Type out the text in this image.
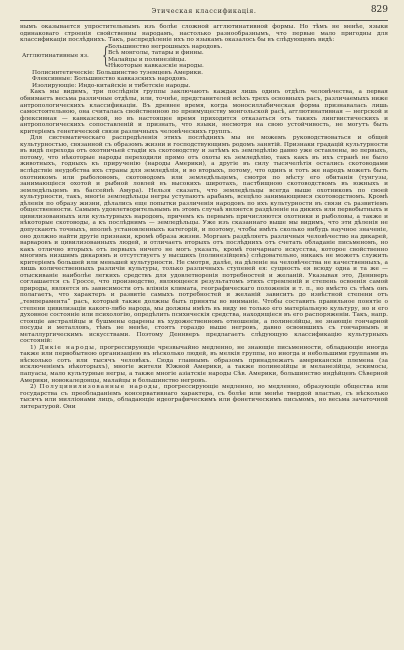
Этическая классификація.	829

нымъ оказывается упростительнымъ изъ болѣе сложной агглютинативной формы. Но тѣмъ не менѣе, языки одинаковаго строенія свойственны народамъ, настолько разнообразнымъ, что первые мало пригодны для классификаціи послѣднихъ. Такъ, распредѣленіе ихъ по языкамъ оказалось бы въ слѣдующемъ видѣ:

Агглютинативные яз. { Большинство негрошныхъ народовъ.
Всѣ монголы, татары и финны.
Малайцы и полинезійцы.
Нѣкоторые кавказскіе народы.

Полисинтетическіе: Большинство туземцевъ Америки.

Флексивные: Большинство кавказскихъ народовъ.

Изолирующіе: Индо-китайскіе и тибетскіе народы.

Какъ мы видимъ, три послѣднія группы заключаютъ каждая лишь одинъ отдѣлъ человѣчества, а первая обнимаетъ весьма различные отдѣлы, или, точнѣе, представителей всѣхъ трехъ основныхъ расъ, различаемыхъ ниже антропологическихъ классификаціи. Въ древнее время, когда моносиллабическая форма признавалась лишь самостоятельною, она считалась свойственною по преимуществу монгольской расѣ, агглютинативная — негрской и флексивная — кавказской, но въ настоящее время приходится отказаться отъ такихъ лингвистическихъ и антропологическихъ сопоставленій и признать, что языки, несмотря на свою устойчивость, не могутъ быть критеріемъ генетической связи различныхъ человѣческихъ группъ.

Для систематическаго распредѣленія этихъ послѣднихъ мы не можемъ руководствоваться и общей культурностью, связанной съ образомъ жизни и господствующимъ родомъ занятій. Признаки градацій культурности въ видѣ перехода отъ охотничьей стадіи къ скотоводству и затѣмъ къ земледѣлію давно уже оставлены, во первыхъ, потому, что нѣкоторые народы переходили прямо отъ охоты къ земледѣлію, такъ какъ въ ихъ странѣ не было животныхъ, годныхъ къ прирученію (народы Америки), а другіе въ силу тысячелѣтія остались скотоводами вслѣдствіе неудобства ихъ страны для земледѣлія, и во вторыхъ, потому, что одинъ и тотъ же народъ можетъ быть охотникомъ или рыболовомъ, скотоводомъ или земледѣльцемъ, смотря по мѣсту его обитанія (тунгузы, занимающіеся охотой и рыбной ловлей въ высокихъ широтахъ, пастбищною скотоводствомъ въ южныхъ и земледѣльцемъ въ бассейнѣ Амура). Нельзя сказать, что земледѣльцы всегда выше охотниковъ по своей культурности, такъ, многіе земледѣльцы негры уступаютъ арабамъ, всецѣло занимающимся скотоводствомъ. Кромѣ дѣленія по образу жизни, дѣлались еще попытки различенія народовъ по ихъ культурности въ связи съ развитіемъ общественности. Самымъ удовлетворительнымъ въ этомъ случаѣ является раздѣленіе на дикихъ или первобытныхъ и цивилизованныхъ или культурныхъ народовъ, причемъ къ первымъ причисляются охотники и рыболовы, а также и нѣкоторые скотоводы, а къ послѣднимъ — земледѣльцы. Уже изъ сказаннаго выше мы видимъ, что эти дѣленія не допускаютъ точныхъ, вполнѣ установленныхъ категорій, и поэтому, чтобы имѣть сколько нибудь научное значеніе, оно должно найти другіе признаки, кромѣ образа жизни. Морганъ раздѣляетъ различныя человѣчество на дикарей, варваровъ и цивилизованныхъ людей, и отличаетъ вторыхъ отъ послѣднихъ отъ счетать обладаніе письменомъ, но какъ отлично вторыхъ отъ первыхъ ничего не могъ указать, кромѣ гончарнаго искусства, которое свойственно многимъ низшимъ дикарямъ и отсутствуетъ у высшихъ (полинезійцевъ) слѣдовательно, никакъ не можетъ служить критеріемъ большей или меньшей культурности. Не смотря, далѣе, на дѣленіе на человѣчества не качественныхъ, а лишь количественныхъ различіи культуры, только различныхъ ступеней ея: сущность ея всюду одна и та же — отыскиваніе наиболѣе легкихъ средствъ для удовлетворенія потребностей и желаній. Указывая это, Деннверъ соглашается съ Гроссе, что производство, являющееся результатомъ этихъ стремленій и степень освоенія самой природы, является въ зависимости отъ вліянія климата, географическаго положенія и т. п., но вмѣсто съ тѣмъ онъ полагаетъ, что характеръ и развитіе самыхъ потребностей и желаній зависитъ до извѣстной степени отъ „темперамента“ расъ, который также должны быть приняты во вниманіе. Чтобы составить правильное понятіе о степени цивилизаціи какого-либо народа, мы должны имѣть въ виду не только его матеріальную культуру, но и его духовное состояніе или психологію, опредѣлить психическія средства, находящіеся въ его распоряженіи. Такъ, напр. стоящіе австралійцы и бушмены одарены въ художественномъ отношеніи, а полинезійцы, не знающіе гончарной посуды и металловъ, тѣмъ не менѣе, стоятъ гораздо выше негровъ, давно освоившихъ съ гончарнымъ и металлургическимъ искусствами. Поэтому Деннверъ предлагаетъ слѣдующую классификацію культурныхъ состояній:

1) Дикіе народы, прогрессирующіе чрезвычайно медленно, не знающіе письменности, обладающіе иногда также или первобытною организаціею въ нѣсколько людей, въ мелкія группы, но иногда и небольшими группами въ нѣсколько сотъ или тысячъ человѣкъ. Сюда главнымъ образомъ принадлежатъ американскія племена (за исключеніемъ нѣкоторыхъ), многіе жители Южной Америки, а также полинезійцы и меланезійцы, эскимосы, папуасы, мало культурные негры, а также многіе азіатскіе народы Сѣв. Америки, большинство индѣйцевъ Сѣверной Америки, новокаледонцы, малайцы и большинство негровъ.

2) Полуцивилизованные народы, прогрессирующіе медленно, но медленно, образующіе общества или государства съ преобладаніемъ консервативнаго характера, съ болѣе или менѣе твердой властью, съ нѣсколько тысячъ или милліонами лицъ, обладающіе идеографическимъ или фонетическимъ письмомъ, но весьма зачаточной литературой. Они
